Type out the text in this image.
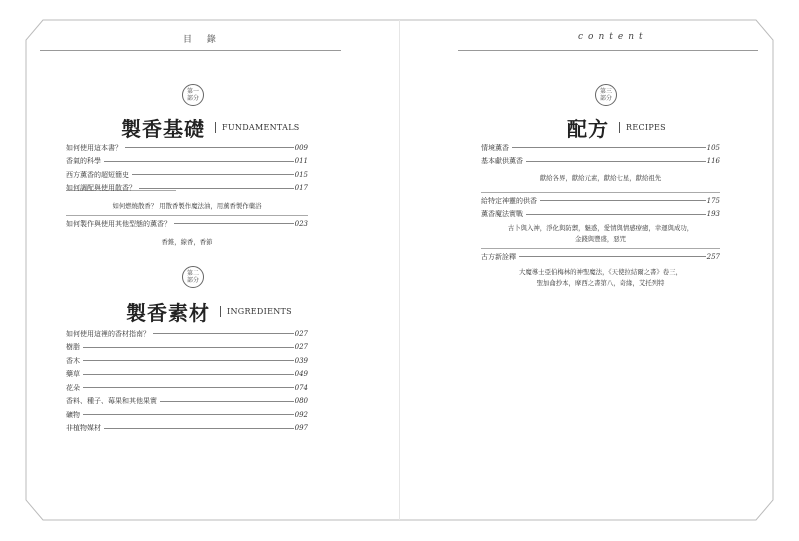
目 錄	content
第一
部分
製香基礎 FUNDAMENTALS
如何使用這本書？	009
香氣的科學	011
西方薰香的超短簡史	015
如何調配與使用散香？	017
如何燃燒散香？ 用散香製作魔法油，用薰香製作藥浴
如何製作與使用其他型態的薰香？	023
香錐，線香，香節
第二
部分
製香素材 INGREDIENTS
如何使用這裡的香材指南？	027
樹脂	027
香木	039
藥草	049
花朵	074
香料、種子、莓果和其他果實	080
礦物	092
非植物媒材	097
第三
部分
配方 RECIPES
情境薰香	105
基本獻供薰香	116
獻給各界，獻給元素，獻給七星，獻給祖先
給特定神靈的供香	175
薰香魔法實戰	193
古卜與入神，淨化與防禦，魅惑，愛情與情感療癒，幸運與成功，
金錢與豐盛，惡咒
古方新詮釋	257
大魔導士亞伯梅林的神聖魔法，《天使拉結爾之書》卷三，
聖加侖抄本，摩西之書第八，奇緣，艾托列特
